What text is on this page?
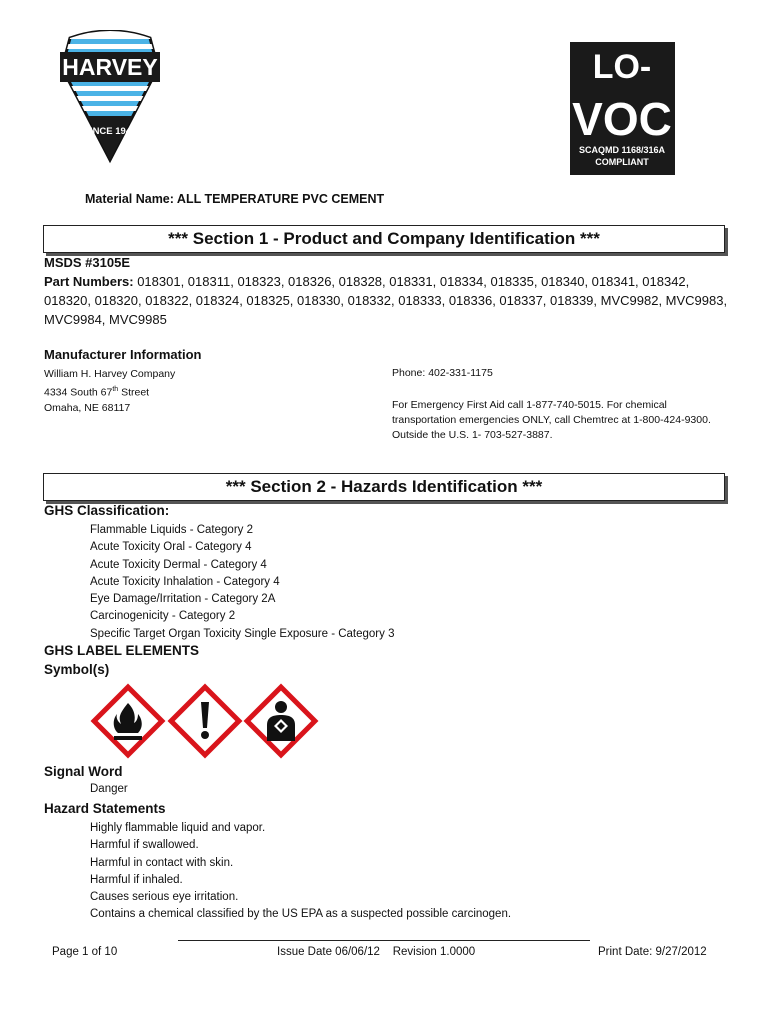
HARVEY
SINCE 1944
LO-
VOC
SCAQMD 1168/316A
COMPLIANT
Material Name: ALL TEMPERATURE PVC CEMENT
*** Section 1 - Product and Company Identification ***
MSDS #3105E
Part Numbers: 018301, 018311, 018323, 018326, 018328, 018331, 018334, 018335, 018340, 018341, 018342, 018320, 018320, 018322, 018324, 018325, 018330, 018332, 018333, 018336, 018337, 018339, MVC9982, MVC9983, MVC9984, MVC9985
Manufacturer Information
William H. Harvey Company
4334 South 67th Street
Omaha, NE 68117
Phone: 402-331-1175
For Emergency First Aid call 1-877-740-5015. For chemical transportation emergencies ONLY, call Chemtrec at 1-800-424-9300. Outside the U.S. 1- 703-527-3887.
*** Section 2 - Hazards Identification ***
GHS Classification:
Flammable Liquids - Category 2
Acute Toxicity Oral - Category 4
Acute Toxicity Dermal - Category 4
Acute Toxicity Inhalation - Category 4
Eye Damage/Irritation - Category 2A
Carcinogenicity - Category 2
Specific Target Organ Toxicity Single Exposure - Category 3
GHS LABEL ELEMENTS
Symbol(s)
Signal Word
Danger
Hazard Statements
Highly flammable liquid and vapor.
Harmful if swallowed.
Harmful in contact with skin.
Harmful if inhaled.
Causes serious eye irritation.
Contains a chemical classified by the US EPA as a suspected possible carcinogen.
Page 1 of 10	Issue Date 06/06/12    Revision 1.0000	Print Date: 9/27/2012
